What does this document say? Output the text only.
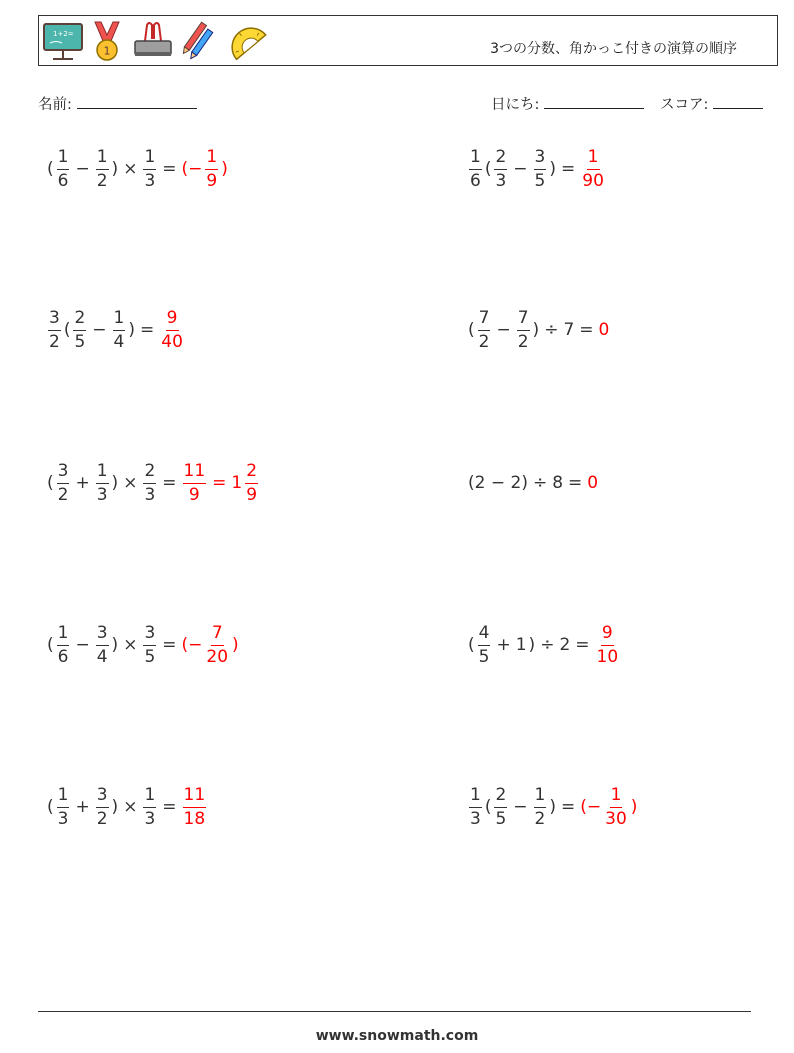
1+2=
1	3つの分数、角かっこ付きの演算の順序
名前:	日にち:	スコア:
( $\frac{1}{6} - \frac{1}{2}$ ) × $\frac{1}{3}$ = (− $\frac{1}{9}$ )	$\frac{1}{6}$ ( $\frac{2}{3} - \frac{3}{5}$ ) = $\frac{1}{90}$
$\frac{3}{2}$ ( $\frac{2}{5} - \frac{1}{4}$ ) = $\frac{9}{40}$	( $\frac{7}{2} - \frac{7}{2}$ ) ÷ 7 = 0
( $\frac{3}{2} + \frac{1}{3}$ ) × $\frac{2}{3} = \frac{11}{9} = 1 \frac{2}{9}$	(2 − 2) ÷ 8 = 0
( $\frac{1}{6} - \frac{3}{4}$ ) × $\frac{3}{5}$ = (− $\frac{7}{20}$ )	( $\frac{4}{5} + 1$ ) ÷ $2 = \frac{9}{10}$
( $\frac{1}{3} + \frac{3}{2}$ ) × $\frac{1}{3} = \frac{11}{18}$	$\frac{1}{3}$ ( $\frac{2}{5} - \frac{1}{2}$ ) = (− $\frac{1}{30}$ )
www.snowmath.com
